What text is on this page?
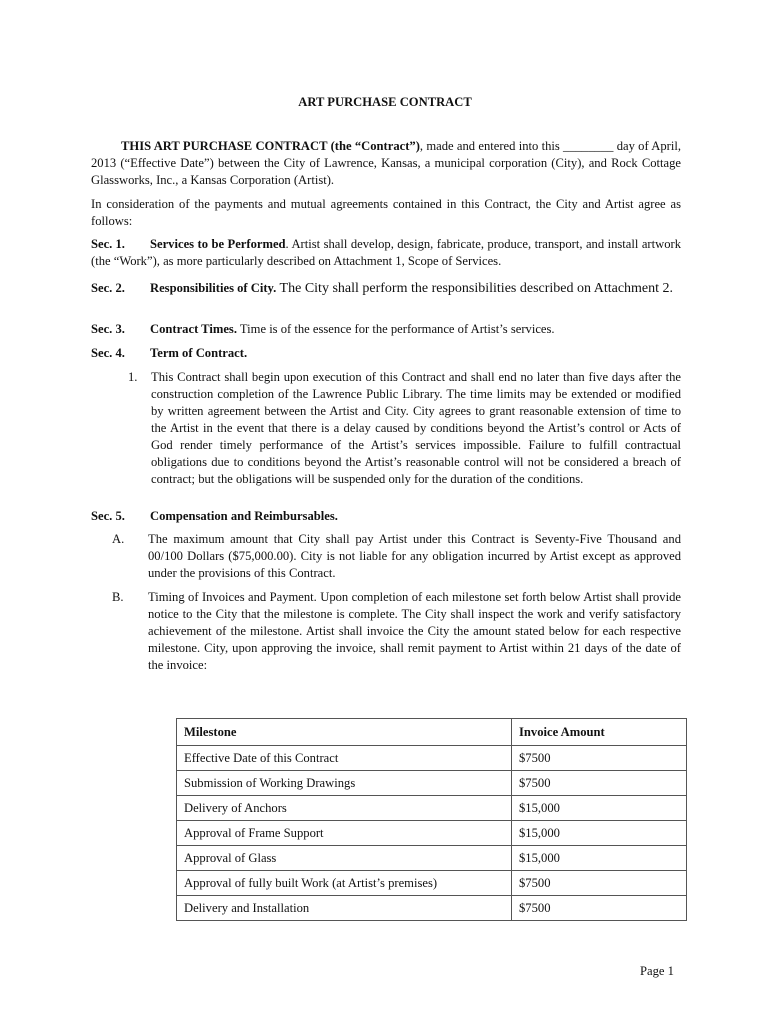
ART PURCHASE CONTRACT
THIS ART PURCHASE CONTRACT (the “Contract”), made and entered into this ________ day of April, 2013 (“Effective Date”) between the City of Lawrence, Kansas, a municipal corporation (City), and Rock Cottage Glassworks, Inc., a Kansas Corporation (Artist).
In consideration of the payments and mutual agreements contained in this Contract, the City and Artist agree as follows:
Sec. 1. Services to be Performed. Artist shall develop, design, fabricate, produce, transport, and install artwork (the “Work”), as more particularly described on Attachment 1, Scope of Services.
Sec. 2. Responsibilities of City. The City shall perform the responsibilities described on Attachment 2.
Sec. 3. Contract Times. Time is of the essence for the performance of Artist’s services.
Sec. 4. Term of Contract.
1. This Contract shall begin upon execution of this Contract and shall end no later than five days after the construction completion of the Lawrence Public Library. The time limits may be extended or modified by written agreement between the Artist and City. City agrees to grant reasonable extension of time to the Artist in the event that there is a delay caused by conditions beyond the Artist’s control or Acts of God render timely performance of the Artist’s services impossible. Failure to fulfill contractual obligations due to conditions beyond the Artist’s reasonable control will not be considered a breach of contract; but the obligations will be suspended only for the duration of the conditions.
Sec. 5. Compensation and Reimbursables.
A. The maximum amount that City shall pay Artist under this Contract is Seventy-Five Thousand and 00/100 Dollars ($75,000.00). City is not liable for any obligation incurred by Artist except as approved under the provisions of this Contract.
B. Timing of Invoices and Payment. Upon completion of each milestone set forth below Artist shall provide notice to the City that the milestone is complete. The City shall inspect the work and verify satisfactory achievement of the milestone. Artist shall invoice the City the amount stated below for each respective milestone. City, upon approving the invoice, shall remit payment to Artist within 21 days of the date of the invoice:
Milestone	Invoice Amount
Effective Date of this Contract	$7500
Submission of Working Drawings	$7500
Delivery of Anchors	$15,000
Approval of Frame Support	$15,000
Approval of Glass	$15,000
Approval of fully built Work (at Artist’s premises)	$7500
Delivery and Installation	$7500
Page 1
